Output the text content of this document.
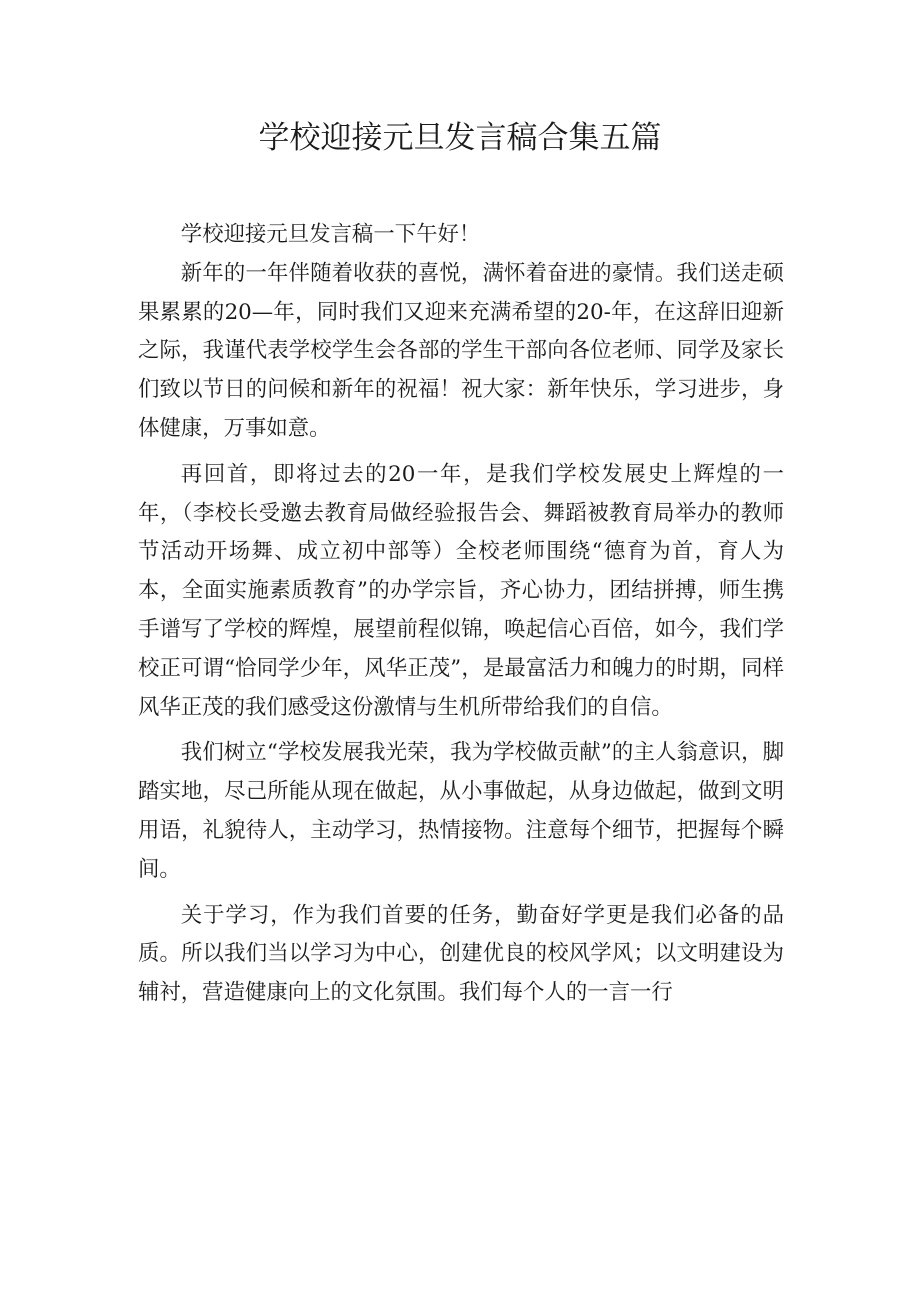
学校迎接元旦发言稿合集五篇

学校迎接元旦发言稿一下午好！

新年的一年伴随着收获的喜悦，满怀着奋进的豪情。我们送走硕果累累的20—年，同时我们又迎来充满希望的20-年，在这辞旧迎新之际，我谨代表学校学生会各部的学生干部向各位老师、同学及家长们致以节日的问候和新年的祝福！祝大家：新年快乐，学习进步，身体健康，万事如意。

再回首，即将过去的20一年，是我们学校发展史上辉煌的一年，（李校长受邀去教育局做经验报告会、舞蹈被教育局举办的教师节活动开场舞、成立初中部等）全校老师围绕“德育为首，育人为本，全面实施素质教育”的办学宗旨，齐心协力，团结拼搏，师生携手谱写了学校的辉煌，展望前程似锦，唤起信心百倍，如今，我们学校正可谓“恰同学少年，风华正茂”，是最富活力和魄力的时期，同样风华正茂的我们感受这份激情与生机所带给我们的自信。

我们树立“学校发展我光荣，我为学校做贡献”的主人翁意识，脚踏实地，尽己所能从现在做起，从小事做起，从身边做起，做到文明用语，礼貌待人，主动学习，热情接物。注意每个细节，把握每个瞬间。

关于学习，作为我们首要的任务，勤奋好学更是我们必备的品质。所以我们当以学习为中心，创建优良的校风学风；以文明建设为辅衬，营造健康向上的文化氛围。我们每个人的一言一行
